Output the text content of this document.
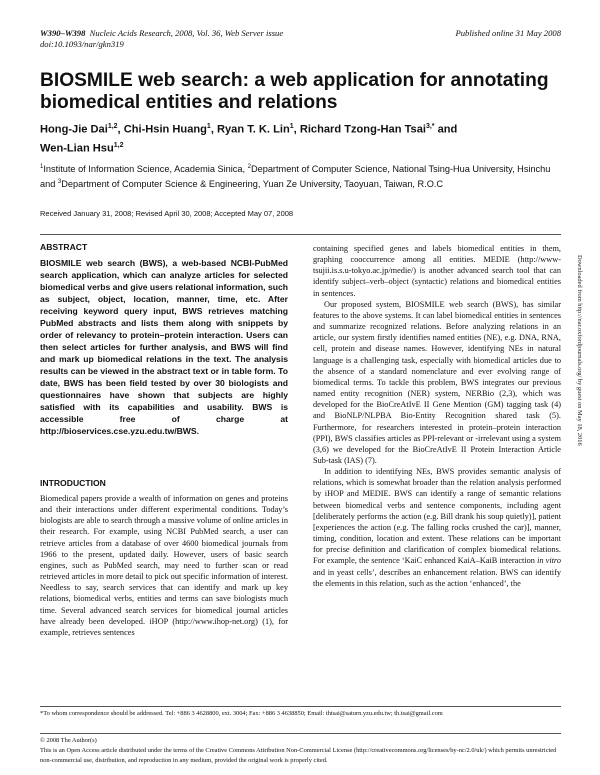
W390–W398 Nucleic Acids Research, 2008, Vol. 36, Web Server issue
doi:10.1093/nar/gkn319
Published online 31 May 2008
BIOSMILE web search: a web application for annotating biomedical entities and relations
Hong-Jie Dai$^{1,2}$, Chi-Hsin Huang$^1$, Ryan T. K. Lin$^1$, Richard Tzong-Han Tsai$^{3,*}$ and
Wen-Lian Hsu$^{1,2}$
$^1$Institute of Information Science, Academia Sinica, $^2$Department of Computer Science, National Tsing-Hua University, Hsinchu and $^3$Department of Computer Science & Engineering, Yuan Ze University, Taoyuan, Taiwan, R.O.C
Received January 31, 2008; Revised April 30, 2008; Accepted May 07, 2008
ABSTRACT
BIOSMILE web search (BWS), a web-based NCBI-PubMed search application, which can analyze articles for selected biomedical verbs and give users relational information, such as subject, object, location, manner, time, etc. After receiving keyword query input, BWS retrieves matching PubMed abstracts and lists them along with snippets by order of relevancy to protein–protein interaction. Users can then select articles for further analysis, and BWS will find and mark up biomedical relations in the text. The analysis results can be viewed in the abstract text or in table form. To date, BWS has been field tested by over 30 biologists and questionnaires have shown that subjects are highly satisfied with its capabilities and usability. BWS is accessible free of charge at http://bioservices.cse.yzu.edu.tw/BWS.
INTRODUCTION
Biomedical papers provide a wealth of information on genes and proteins and their interactions under different experimental conditions. Today’s biologists are able to search through a massive volume of online articles in their research. For example, using NCBI PubMed search, a user can retrieve articles from a database of over 4600 biomedical journals from 1966 to the present, updated daily. However, users of basic search engines, such as PubMed search, may need to further scan or read retrieved articles in more detail to pick out specific information of interest. Needless to say, search services that can identify and mark up key relations, biomedical verbs, entities and terms can save biologists much time. Several advanced search services for biomedical journal articles have already been developed. iHOP (http://www.ihop-net.org) (1), for example, retrieves sentences

containing specified genes and labels biomedical entities in them, graphing cooccurrence among all entities. MEDIE (http://www-tsujii.is.s.u-tokyo.ac.jp/medie/) is another advanced search tool that can identify subject–verb–object (syntactic) relations and biomedical entities in sentences.

Our proposed system, BIOSMILE web search (BWS), has similar features to the above systems. It can label biomedical entities in sentences and summarize recognized relations. Before analyzing relations in an article, our system firstly identifies named entities (NE), e.g. DNA, RNA, cell, protein and disease names. However, identifying NEs in natural language is a challenging task, especially with biomedical articles due to the absence of a standard nomenclature and ever evolving range of biomedical terms. To tackle this problem, BWS integrates our previous named entity recognition (NER) system, NERBio (2,3), which was developed for the BioCreAtIvE II Gene Mention (GM) tagging task (4) and BioNLP/NLPBA Bio-Entity Recognition shared task (5). Furthermore, for researchers interested in protein–protein interaction (PPI), BWS classifies articles as PPI-relevant or -irrelevant using a system (3,6) we developed for the BioCreAtIvE II Protein Interaction Article Sub-task (IAS) (7).

In addition to identifying NEs, BWS provides semantic analysis of relations, which is somewhat broader than the relation analysis performed by iHOP and MEDIE. BWS can identify a range of semantic relations between biomedical verbs and sentence components, including agent [deliberately performs the action (e.g. Bill drank his soup quietly)], patient [experiences the action (e.g. The falling rocks crushed the car)], manner, timing, condition, location and extent. These relations can be important for precise definition and clarification of complex biomedical relations. For example, the sentence ‘KaiC enhanced KaiA–KaiB interaction in vitro and in yeast cells’, describes an enhancement relation. BWS can identify the elements in this relation, such as the action ‘enhanced’, the

*To whom correspondence should be addressed. Tel: +886 3 4628800, ext. 3004; Fax: +886 3 4638850; Email: thtsai@saturn.yzu.edu.tw; th.tsai@gmail.com
© 2008 The Author(s)
This is an Open Access article distributed under the terms of the Creative Commons Attribution Non-Commercial License (http://creativecommons.org/licenses/by-nc/2.0/uk/) which permits unrestricted non-commercial use, distribution, and reproduction in any medium, provided the original work is properly cited.
Downloaded from http://nar.oxfordjournals.org/ by guest on May 18, 2016
